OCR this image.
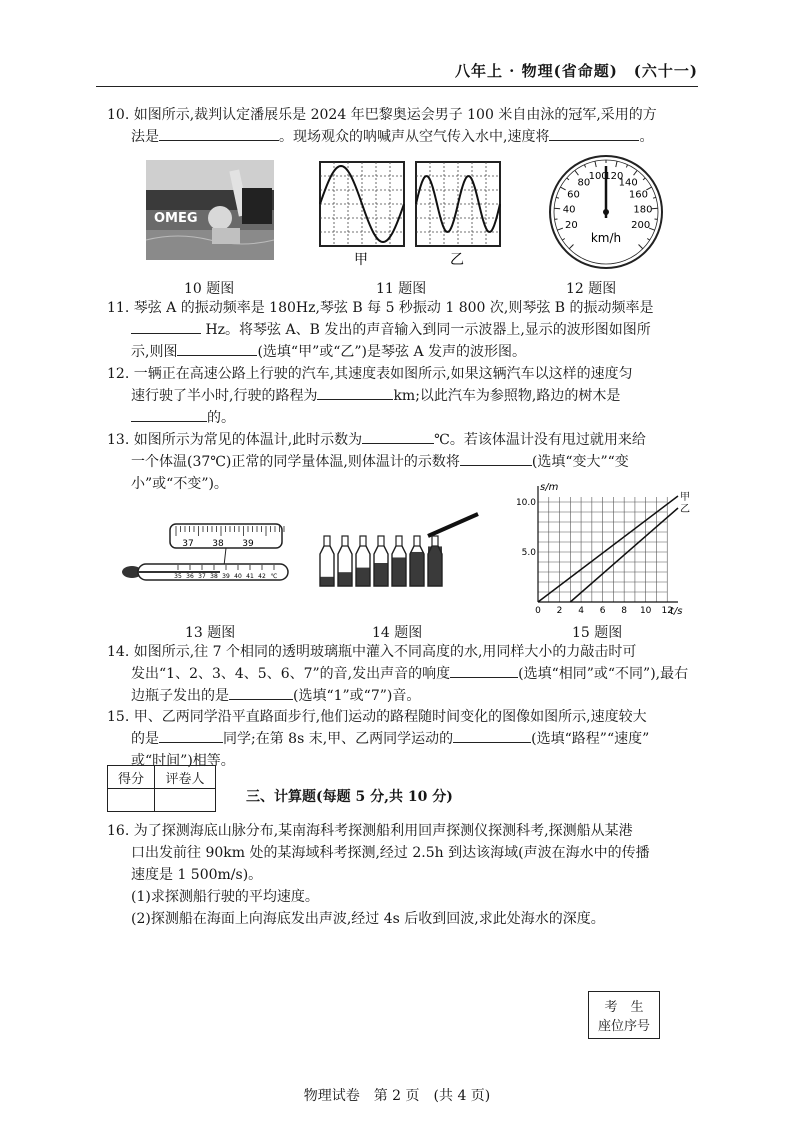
八年上 · 物理(省命题)　(六十一)
10. 如图所示,裁判认定潘展乐是 2024 年巴黎奥运会男子 100 米自由泳的冠军,采用的方
法是	。现场观众的呐喊声从空气传入水中,速度将	。
OMEG
甲	乙
20
40
60
80
100
120
140
160
180
200
km/h
10 题图	11 题图	12 题图
11. 琴弦 A 的振动频率是 180Hz,琴弦 B 每 5 秒振动 1 800 次,则琴弦 B 的振动频率是
Hz。将琴弦 A、B 发出的声音输入到同一示波器上,显示的波形图如图所
示,则图	(选填“甲”或“乙”)是琴弦 A 发声的波形图。
12. 一辆正在高速公路上行驶的汽车,其速度表如图所示,如果这辆汽车以这样的速度匀
速行驶了半小时,行驶的路程为	km;以此汽车为参照物,路边的树木是
的。
13. 如图所示为常见的体温计,此时示数为	℃。若该体温计没有甩过就用来给
一个体温(37℃)正常的同学量体温,则体温计的示数将	(选填“变大”“变
小”或“不变”)。
37 38 39
35 36 37 38 39 40 41 42 ℃
甲
乙
0 2 4 6 8 10 12
5.0
10.0
s/m
t/s
13 题图	14 题图	15 题图
14. 如图所示,往 7 个相同的透明玻璃瓶中灌入不同高度的水,用同样大小的力敲击时可
发出“1、2、3、4、5、6、7”的音,发出声音的响度	(选填“相同”或“不同”),最右
边瓶子发出的是	(选填“1”或“7”)音。
15. 甲、乙两同学沿平直路面步行,他们运动的路程随时间变化的图像如图所示,速度较大
的是	同学;在第 8s 末,甲、乙两同学运动的	(选填“路程”“速度”
或“时间”)相等。
得分	评卷人

三、计算题(每题 5 分,共 10 分)
16. 为了探测海底山脉分布,某南海科考探测船利用回声探测仪探测科考,探测船从某港
口出发前往 90km 处的某海域科考探测,经过 2.5h 到达该海域(声波在海水中的传播
速度是 1 500m/s)。
(1)求探测船行驶的平均速度。
(2)探测船在海面上向海底发出声波,经过 4s 后收到回波,求此处海水的深度。
考　生
座位序号
物理试卷　第 2 页　(共 4 页)
